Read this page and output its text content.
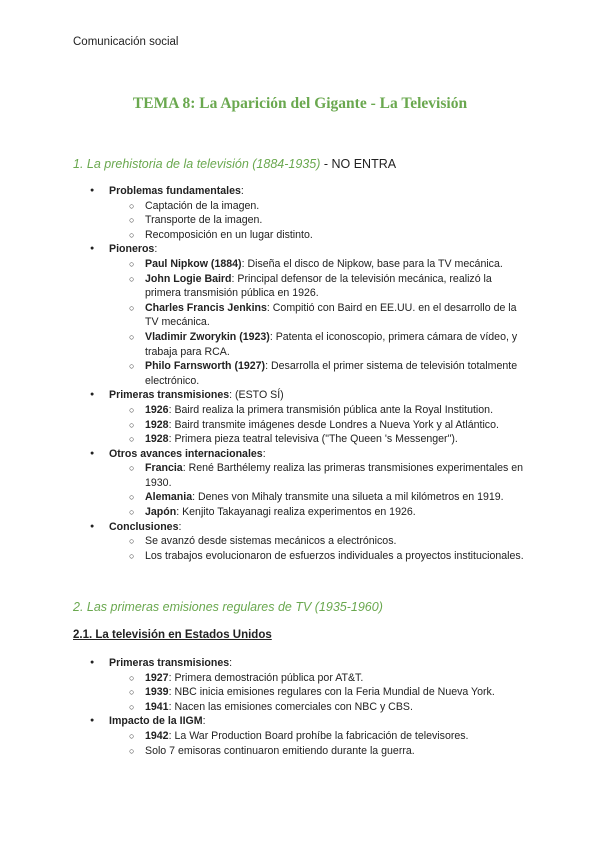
Comunicación social
TEMA 8: La Aparición del Gigante - La Televisión
1. La prehistoria de la televisión (1884-1935) - NO ENTRA
● Problemas fundamentales:
○ Captación de la imagen.
○ Transporte de la imagen.
○ Recomposición en un lugar distinto.
● Pioneros:
○ Paul Nipkow (1884): Diseña el disco de Nipkow, base para la TV mecánica.
○ John Logie Baird: Principal defensor de la televisión mecánica, realizó la primera transmisión pública en 1926.
○ Charles Francis Jenkins: Compitió con Baird en EE.UU. en el desarrollo de la TV mecánica.
○ Vladimir Zworykin (1923): Patenta el iconoscopio, primera cámara de vídeo, y trabaja para RCA.
○ Philo Farnsworth (1927): Desarrolla el primer sistema de televisión totalmente electrónico.
● Primeras transmisiones: (ESTO SÍ)
○ 1926: Baird realiza la primera transmisión pública ante la Royal Institution.
○ 1928: Baird transmite imágenes desde Londres a Nueva York y al Atlántico.
○ 1928: Primera pieza teatral televisiva ("The Queen 's Messenger").
● Otros avances internacionales:
○ Francia: René Barthélemy realiza las primeras transmisiones experimentales en 1930.
○ Alemania: Denes von Mihaly transmite una silueta a mil kilómetros en 1919.
○ Japón: Kenjito Takayanagi realiza experimentos en 1926.
● Conclusiones:
○ Se avanzó desde sistemas mecánicos a electrónicos.
○ Los trabajos evolucionaron de esfuerzos individuales a proyectos institucionales.
2. Las primeras emisiones regulares de TV (1935-1960)
2.1. La televisión en Estados Unidos
● Primeras transmisiones:
○ 1927: Primera demostración pública por AT&T.
○ 1939: NBC inicia emisiones regulares con la Feria Mundial de Nueva York.
○ 1941: Nacen las emisiones comerciales con NBC y CBS.
● Impacto de la IIGM:
○ 1942: La War Production Board prohíbe la fabricación de televisores.
○ Solo 7 emisoras continuaron emitiendo durante la guerra.
